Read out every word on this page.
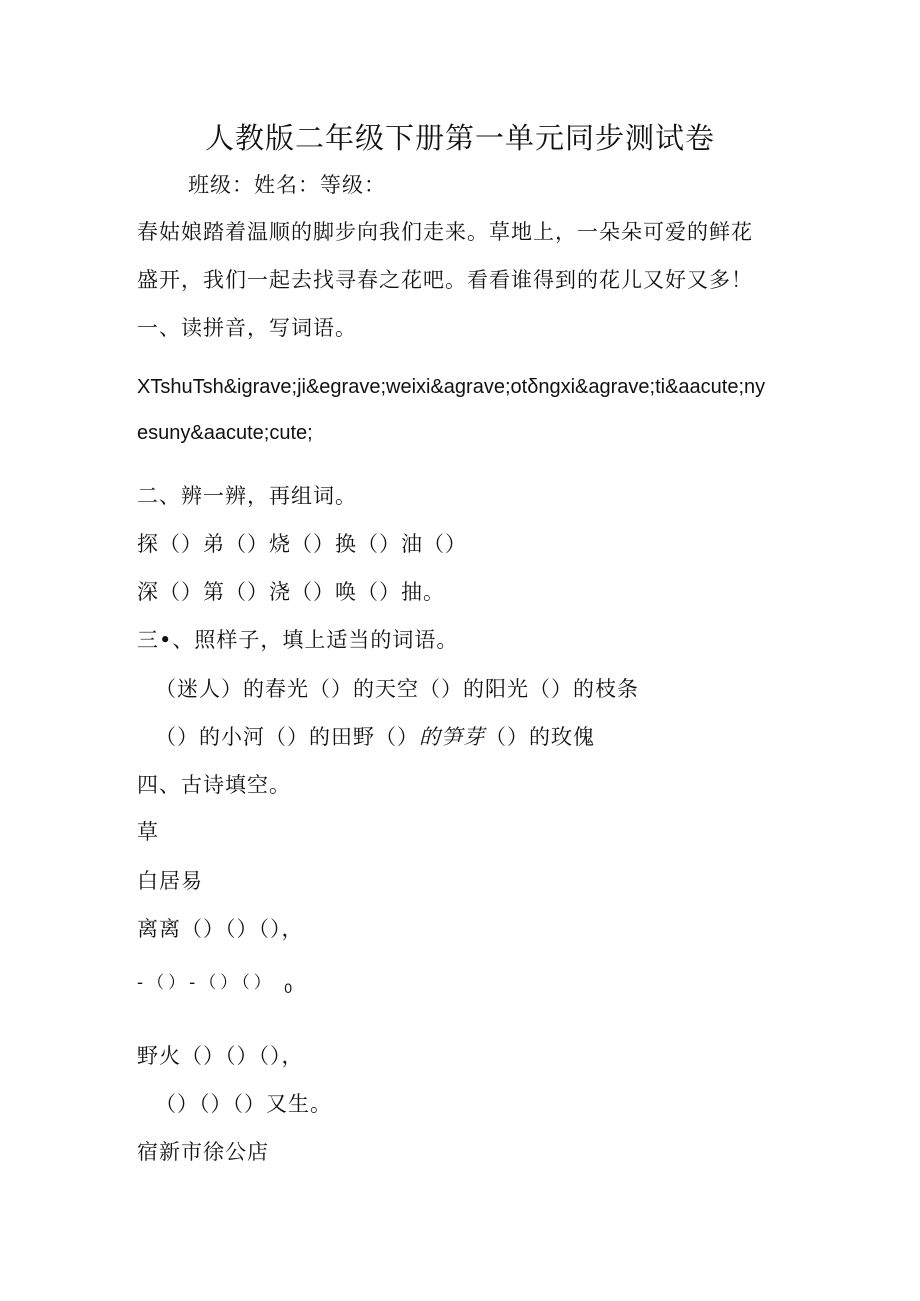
人教版二年级下册第一单元同步测试卷
班级：姓名：等级：
春姑娘踏着温顺的脚步向我们走来。草地上，一朵朵可爱的鲜花
盛开，我们一起去找寻春之花吧。看看谁得到的花儿又好又多！
一、读拼音，写词语。
XTshuTsh&igrave;ji&egrave;weixi&agrave;otδngxi&agrave;ti&aacute;ny
esuny&aacute;cute;
二、辨一辨，再组词。
探（）弟（）烧（）换（）油（）
深（）第（）浇（）唤（）抽。
三•、照样子，填上适当的词语。
（迷人）的春光（）的天空（）的阳光（）的枝条
（）的小河（）的田野（）的笋芽（）的玫傀
四、古诗填空。
草
白居易
离离（）（）（），
-（）-（）（） $_0$
野火（）（）（），
（）（）（）又生。
宿新市徐公店
